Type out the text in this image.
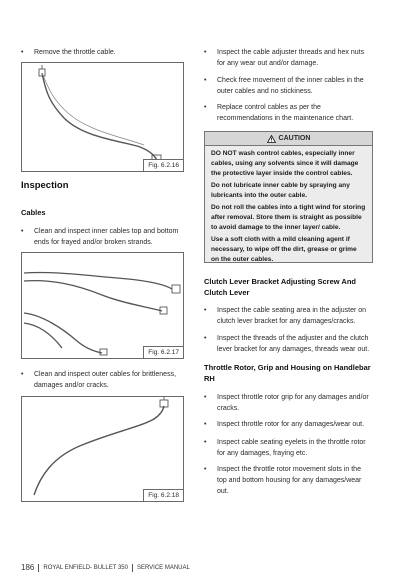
• Remove the throttle cable.
Fig. 6.2.16
Inspection
Cables
• Clean and inspect inner cables top and bottom ends for frayed and/or broken strands.
Fig. 6.2.17
• Clean and inspect outer cables for brittleness, damages and/or cracks.
Fig. 6.2.18
• Inspect the cable adjuster threads and hex nuts for any wear out and/or damage.
• Check free movement of the inner cables in the outer cables and no stickiness.
• Replace control cables as per the recommendations in the maintenance chart.
CAUTION

DO NOT wash control cables, especially inner cables, using any solvents since it will damage the protective layer inside the control cables.

Do not lubricate inner cable by spraying any lubricants into the outer cable.

Do not roll the cables into a tight wind for storing after removal. Store them is straight as possible to avoid damage to the inner layer/ cable.

Use a soft cloth with a mild cleaning agent if necessary, to wipe off the dirt, grease or grime on the outer cables.

Clutch Lever Bracket Adjusting Screw And Clutch Lever
• Inspect the cable seating area in the adjuster on clutch lever bracket for any damages/cracks.
• Inspect the threads of the adjuster and the clutch lever bracket for any damages, threads wear out.
Throttle Rotor, Grip and Housing on Handlebar RH
• Inspect throttle rotor grip for any damages and/or cracks.
• Inspect throttle rotor for any damages/wear out.
• Inspect cable seating eyelets in the throttle rotor for any damages, fraying etc.
• Inspect the throttle rotor movement slots in the top and bottom housing for any damages/wear out.
186 ROYAL ENFIELD- BULLET 350 SERVICE MANUAL
